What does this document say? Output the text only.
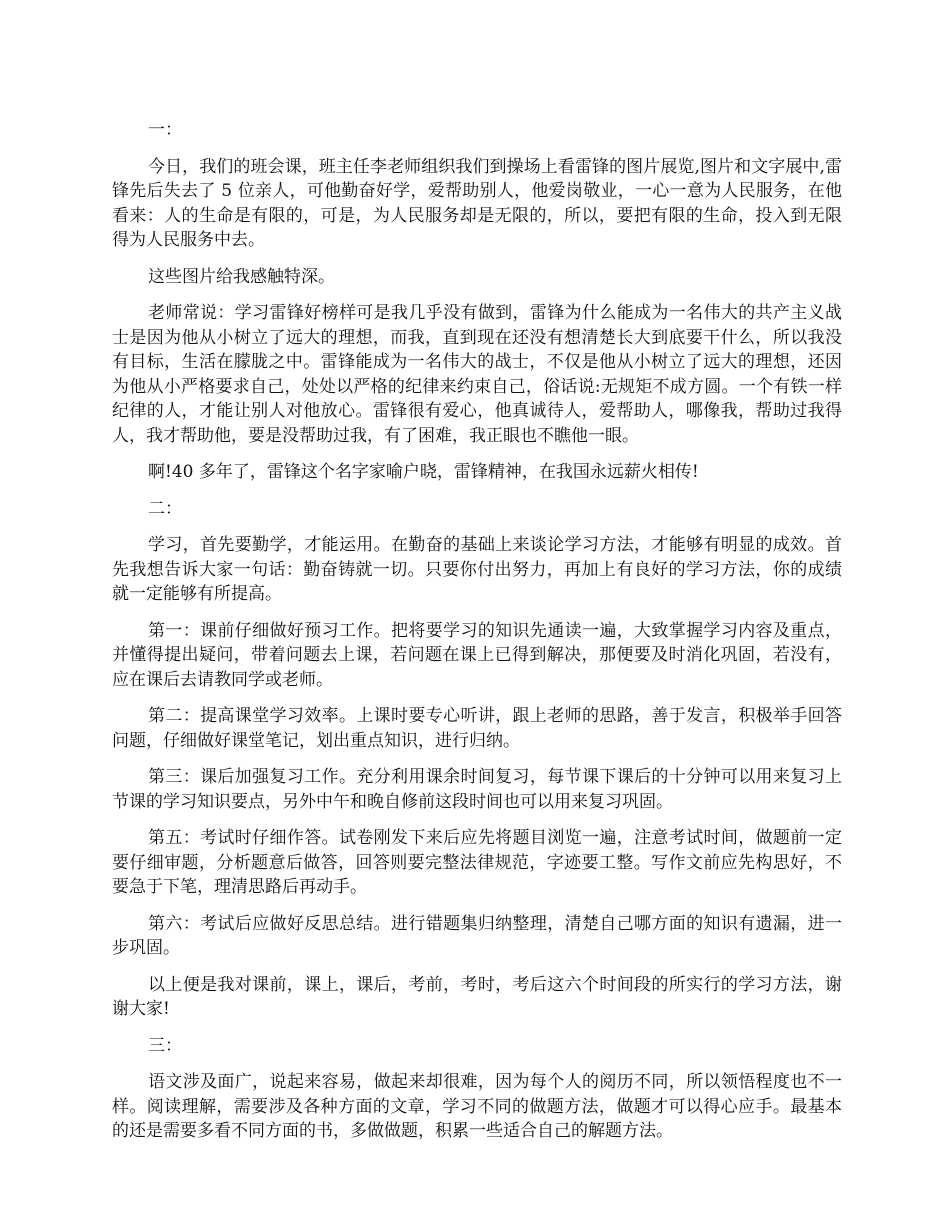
一：

今日，我们的班会课，班主任李老师组织我们到操场上看雷锋的图片展览,图片和文字展中,雷锋先后失去了 5 位亲人，可他勤奋好学，爱帮助别人，他爱岗敬业，一心一意为人民服务，在他看来：人的生命是有限的，可是，为人民服务却是无限的，所以，要把有限的生命，投入到无限得为人民服务中去。

这些图片给我感触特深。

老师常说：学习雷锋好榜样可是我几乎没有做到，雷锋为什么能成为一名伟大的共产主义战士是因为他从小树立了远大的理想，而我，直到现在还没有想清楚长大到底要干什么，所以我没有目标，生活在朦胧之中。雷锋能成为一名伟大的战士，不仅是他从小树立了远大的理想，还因为他从小严格要求自己，处处以严格的纪律来约束自己，俗话说:无规矩不成方圆。一个有铁一样纪律的人，才能让别人对他放心。雷锋很有爱心，他真诚待人，爱帮助人，哪像我，帮助过我得人，我才帮助他，要是没帮助过我，有了困难，我正眼也不瞧他一眼。

啊!40 多年了，雷锋这个名字家喻户晓，雷锋精神，在我国永远薪火相传!

二：

学习，首先要勤学，才能运用。在勤奋的基础上来谈论学习方法，才能够有明显的成效。首先我想告诉大家一句话：勤奋铸就一切。只要你付出努力，再加上有良好的学习方法，你的成绩就一定能够有所提高。

第一：课前仔细做好预习工作。把将要学习的知识先通读一遍，大致掌握学习内容及重点，并懂得提出疑问，带着问题去上课，若问题在课上已得到解决，那便要及时消化巩固，若没有，应在课后去请教同学或老师。

第二：提高课堂学习效率。上课时要专心听讲，跟上老师的思路，善于发言，积极举手回答问题，仔细做好课堂笔记，划出重点知识，进行归纳。

第三：课后加强复习工作。充分利用课余时间复习，每节课下课后的十分钟可以用来复习上节课的学习知识要点，另外中午和晚自修前这段时间也可以用来复习巩固。

第五：考试时仔细作答。试卷刚发下来后应先将题目浏览一遍，注意考试时间，做题前一定要仔细审题，分析题意后做答，回答则要完整法律规范，字迹要工整。写作文前应先构思好，不要急于下笔，理清思路后再动手。

第六：考试后应做好反思总结。进行错题集归纳整理，清楚自己哪方面的知识有遗漏，进一步巩固。

以上便是我对课前，课上，课后，考前，考时，考后这六个时间段的所实行的学习方法，谢谢大家!

三：

语文涉及面广，说起来容易，做起来却很难，因为每个人的阅历不同，所以领悟程度也不一样。阅读理解，需要涉及各种方面的文章，学习不同的做题方法，做题才可以得心应手。最基本的还是需要多看不同方面的书，多做做题，积累一些适合自己的解题方法。
